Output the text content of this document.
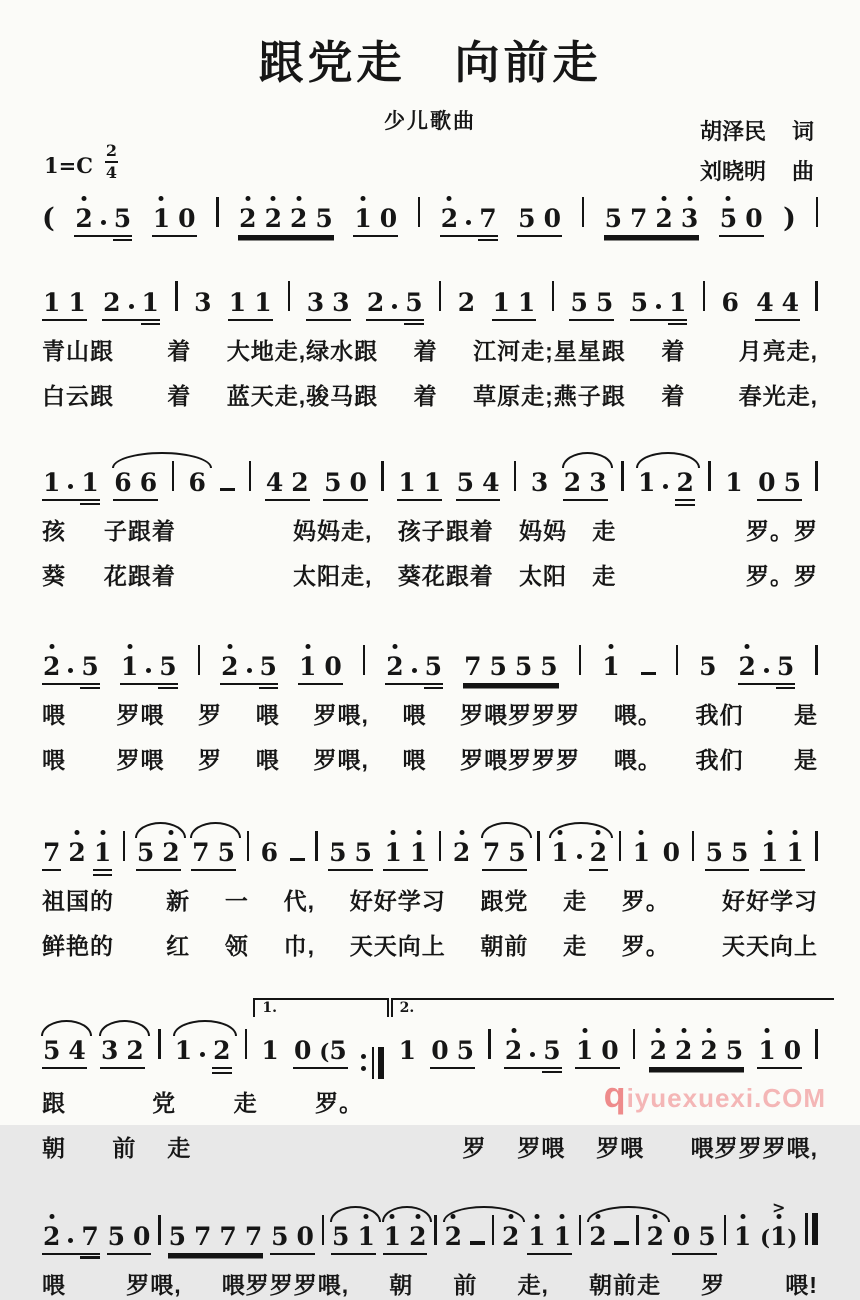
跟党走　向前走
少儿歌曲	胡泽民 词
刘晓明 曲
$1=C \frac{2}{4}$
( 2 5 1 0 2 2 2 5 1 0 2 7 5 0 5 7 2 3 5 0 )
1 1 2 1 3 1 1 3 3 2 5 2 1 1 5 5 5 1 6 4 4
青山跟	着	大地走,绿水跟	着	江河走;星星跟	着	月亮走,
白云跟	着	蓝天走,骏马跟	着	草原走;燕子跟	着	春光走,
1 1 6 6 6 4 2 5 0 1 1 5 4 3 2 3 1 2 1 0 5
孩	子跟着	妈妈走,	孩子跟着	妈妈	走	罗。罗
葵	花跟着	太阳走,	葵花跟着	太阳	走	罗。罗
2 5 1 5 2 5 1 0 2 5 7 5 5 5 1	5 2 5
喂	罗喂	罗	喂	罗喂,	喂	罗喂罗罗罗	喂。	我们	是
喂	罗喂	罗	喂	罗喂,	喂	罗喂罗罗罗	喂。	我们	是
7 2 1 5 2 7 5 6 5 5 1 1 2 7 5 1 2 1 0 5 5 1 1
祖国的	新	一	代,	好好学习	跟党	走	罗。	好好学习
鲜艳的	红	领	巾,	天天向上	朝前	走	罗。	天天向上
5 4 3 2 1 2 1 0 (5 1 0 5 2 5 1 0 2 2 2 5 1 0
跟	党	走	罗。
朝	前	走	罗	罗喂	罗喂	喂罗罗罗喂,
1.	2.
2 7 5 0 5 7 7 7 5 0 5 1 1 2 2 2 1 1 2 2 0 5 1 (1)
>
喂	罗喂,	喂罗罗罗喂,	朝	前	走,	朝前走	罗	喂!
q iyuexuexi.COM
